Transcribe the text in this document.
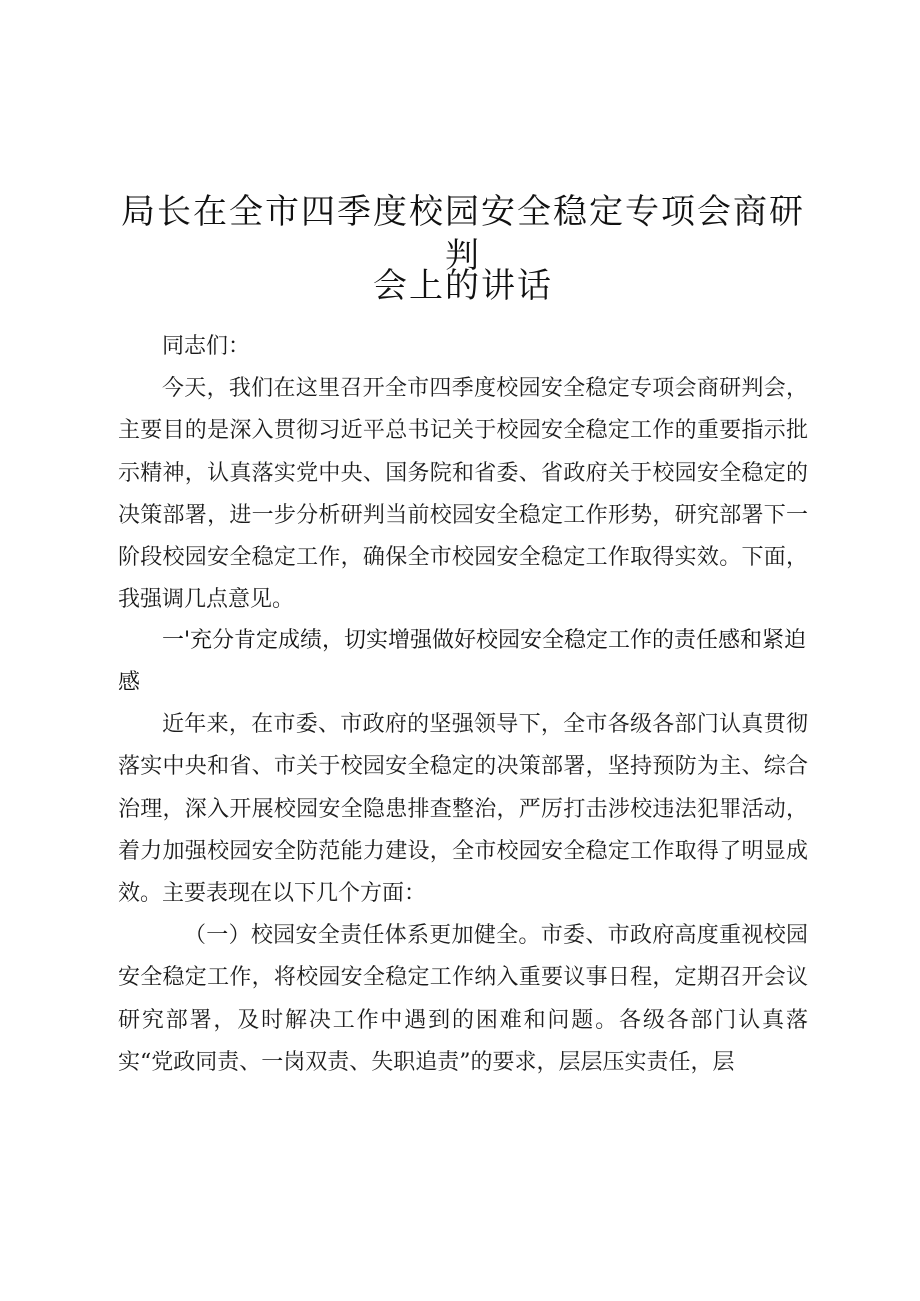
局长在全市四季度校园安全稳定专项会商研判
会上的讲话

同志们：

今天，我们在这里召开全市四季度校园安全稳定专项会商研判会，主要目的是深入贯彻习近平总书记关于校园安全稳定工作的重要指示批示精神，认真落实党中央、国务院和省委、省政府关于校园安全稳定的决策部署，进一步分析研判当前校园安全稳定工作形势，研究部署下一阶段校园安全稳定工作，确保全市校园安全稳定工作取得实效。下面，我强调几点意见。

一'充分肯定成绩，切实增强做好校园安全稳定工作的责任感和紧迫感

近年来，在市委、市政府的坚强领导下，全市各级各部门认真贯彻落实中央和省、市关于校园安全稳定的决策部署，坚持预防为主、综合治理，深入开展校园安全隐患排查整治，严厉打击涉校违法犯罪活动，着力加强校园安全防范能力建设，全市校园安全稳定工作取得了明显成效。主要表现在以下几个方面：

（一）校园安全责任体系更加健全。市委、市政府高度重视校园安全稳定工作，将校园安全稳定工作纳入重要议事日程，定期召开会议研究部署，及时解决工作中遇到的困难和问题。各级各部门认真落实“党政同责、一岗双责、失职追责”的要求，层层压实责任，层
